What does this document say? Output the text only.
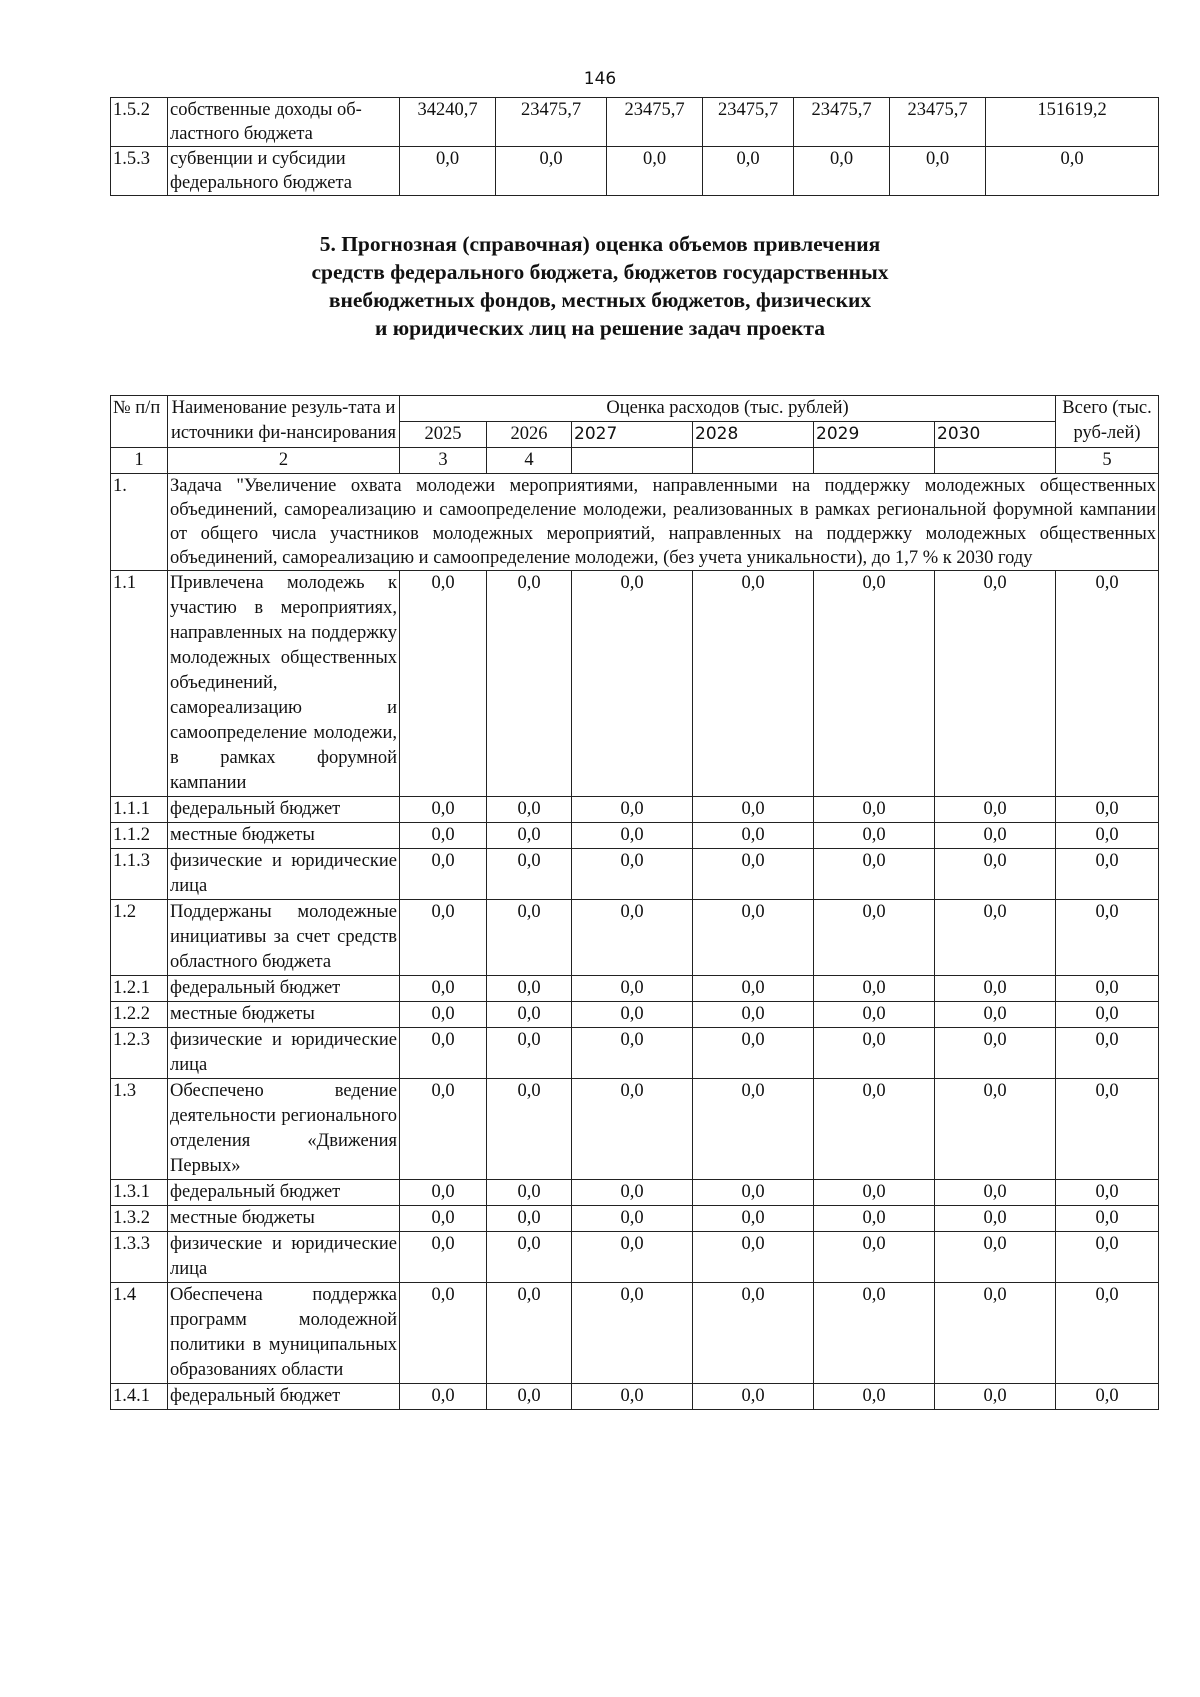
146
1.5.2	собственные доходы об-ластного бюджета	34240,7	23475,7	23475,7	23475,7	23475,7	23475,7	151619,2
1.5.3	субвенции и субсидии федерального бюджета	0,0	0,0	0,0	0,0	0,0	0,0	0,0
5. Прогнозная (справочная) оценка объемов привлечения
средств федерального бюджета, бюджетов государственных
внебюджетных фондов, местных бюджетов, физических
и юридических лиц на решение задач проекта
№ п/п	Наименование резуль-тата и источники фи-нансирования	Оценка расходов (тыс. рублей)						Всего (тыс. руб-лей)
		2025	2026	2027	2028	2029	2030	
1	2	3	4					5
1.	Задача "Увеличение охвата молодежи мероприятиями, направленными на поддержку молодежных общественных объединений, самореализацию и самоопределение молодежи, реализованных в рамках региональной форумной кампании от общего числа участников молодежных мероприятий, направленных на поддержку молодежных общественных объединений, самореализацию и самоопределение молодежи, (без учета уникальности), до 1,7 % к 2030 году							
1.1	Привлечена молодежь к участию в мероприятиях, направленных на поддержку молодежных общественных объединений, самореализацию и самоопределение молодежи, в рамках форумной кампании	0,0	0,0	0,0	0,0	0,0	0,0	0,0
1.1.1	федеральный бюджет	0,0	0,0	0,0	0,0	0,0	0,0	0,0
1.1.2	местные бюджеты	0,0	0,0	0,0	0,0	0,0	0,0	0,0
1.1.3	физические и юридические лица	0,0	0,0	0,0	0,0	0,0	0,0	0,0
1.2	Поддержаны молодежные инициативы за счет средств областного бюджета	0,0	0,0	0,0	0,0	0,0	0,0	0,0
1.2.1	федеральный бюджет	0,0	0,0	0,0	0,0	0,0	0,0	0,0
1.2.2	местные бюджеты	0,0	0,0	0,0	0,0	0,0	0,0	0,0
1.2.3	физические и юридические лица	0,0	0,0	0,0	0,0	0,0	0,0	0,0
1.3	Обеспечено ведение деятельности регионального отделения «Движения Первых»	0,0	0,0	0,0	0,0	0,0	0,0	0,0
1.3.1	федеральный бюджет	0,0	0,0	0,0	0,0	0,0	0,0	0,0
1.3.2	местные бюджеты	0,0	0,0	0,0	0,0	0,0	0,0	0,0
1.3.3	физические и юридические лица	0,0	0,0	0,0	0,0	0,0	0,0	0,0
1.4	Обеспечена поддержка программ молодежной политики в муниципальных образованиях области	0,0	0,0	0,0	0,0	0,0	0,0	0,0
1.4.1	федеральный бюджет	0,0	0,0	0,0	0,0	0,0	0,0	0,0
